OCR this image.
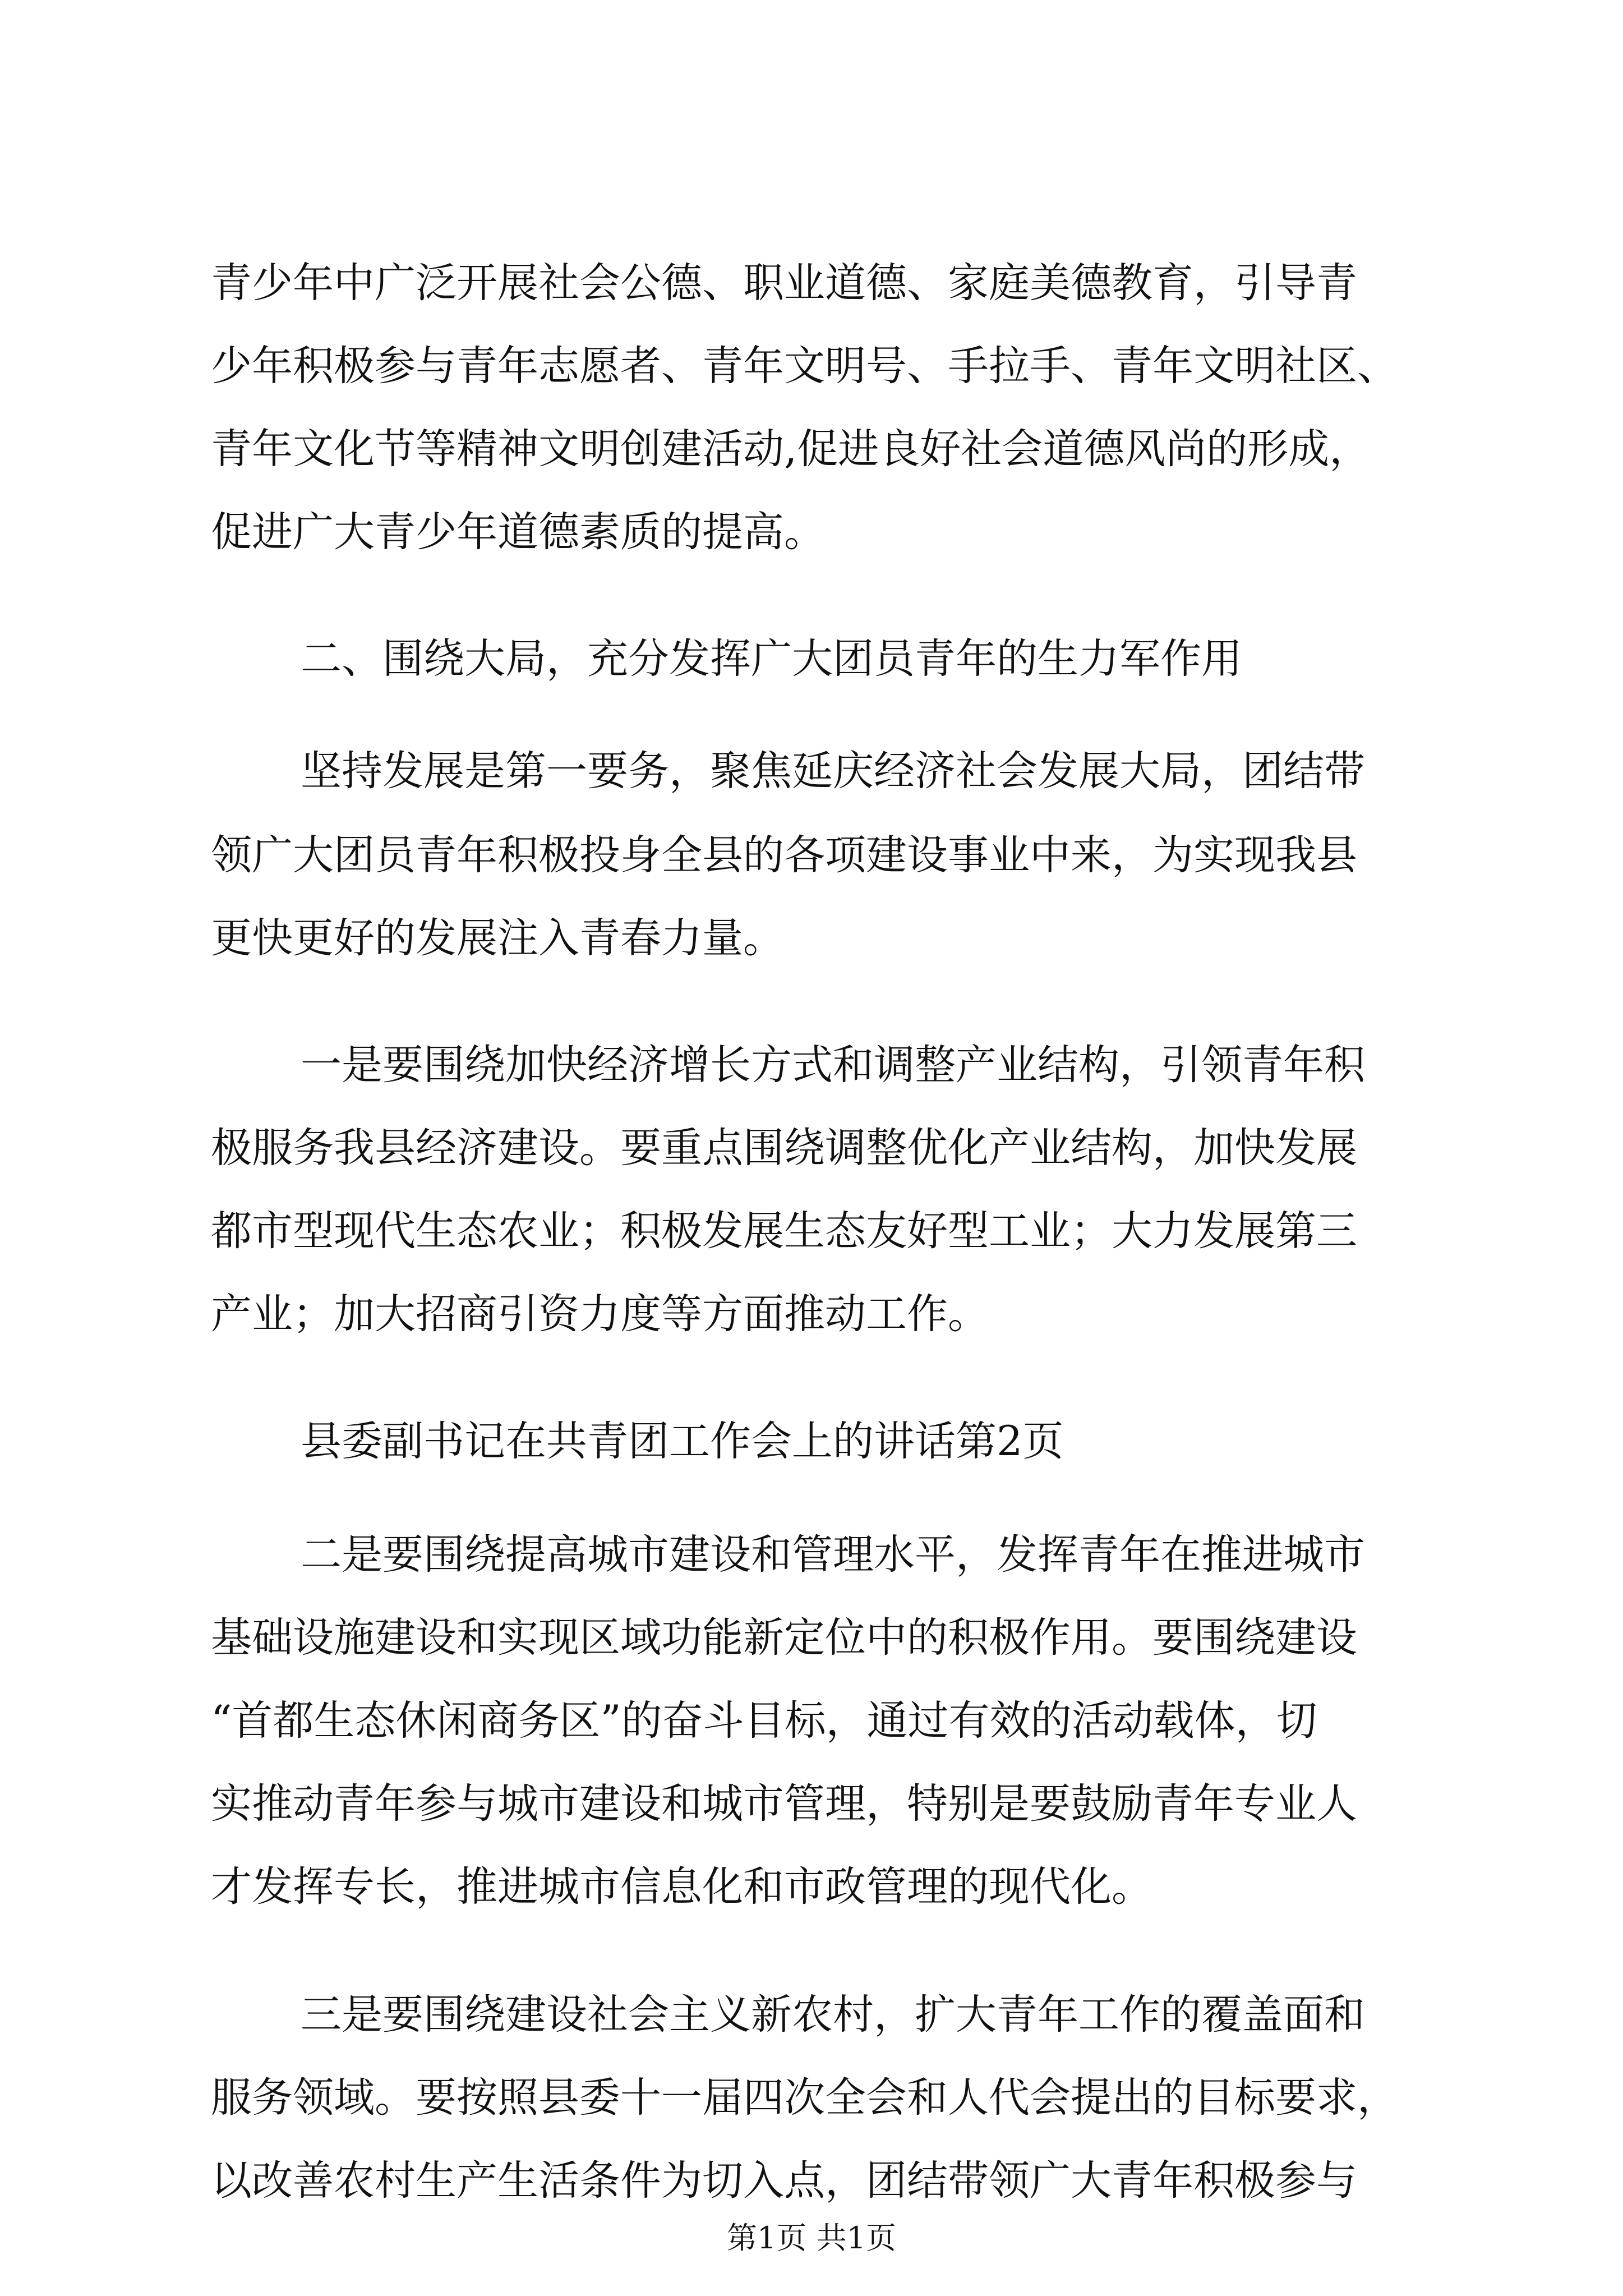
青少年中广泛开展社会公德、职业道德、家庭美德教育，引导青
少年积极参与青年志愿者、青年文明号、手拉手、青年文明社区、
青年文化节等精神文明创建活动,促进良好社会道德风尚的形成，
促进广大青少年道德素质的提高。
二、围绕大局，充分发挥广大团员青年的生力军作用
坚持发展是第一要务，聚焦延庆经济社会发展大局，团结带
领广大团员青年积极投身全县的各项建设事业中来，为实现我县
更快更好的发展注入青春力量。
一是要围绕加快经济增长方式和调整产业结构，引领青年积
极服务我县经济建设。要重点围绕调整优化产业结构，加快发展
都市型现代生态农业；积极发展生态友好型工业；大力发展第三
产业；加大招商引资力度等方面推动工作。
县委副书记在共青团工作会上的讲话第2页
二是要围绕提高城市建设和管理水平，发挥青年在推进城市
基础设施建设和实现区域功能新定位中的积极作用。要围绕建设
“首都生态休闲商务区”的奋斗目标，通过有效的活动载体，切
实推动青年参与城市建设和城市管理，特别是要鼓励青年专业人
才发挥专长，推进城市信息化和市政管理的现代化。
三是要围绕建设社会主义新农村，扩大青年工作的覆盖面和
服务领域。要按照县委十一届四次全会和人代会提出的目标要求，
以改善农村生产生活条件为切入点，团结带领广大青年积极参与
第1页 共1页
